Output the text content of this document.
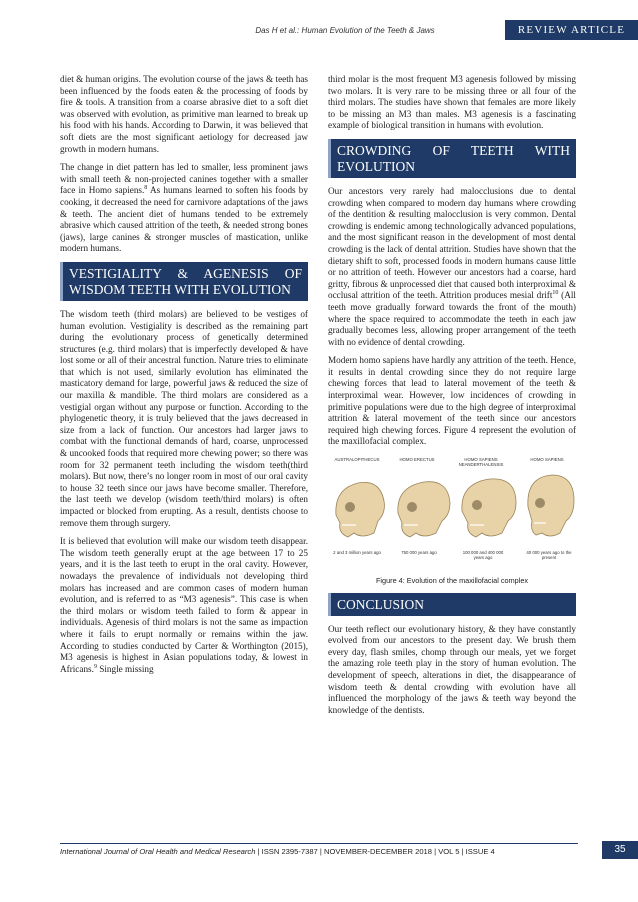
Das H et al.: Human Evolution of the Teeth & Jaws	REVIEW ARTICLE

diet & human origins. The evolution course of the jaws & teeth has been influenced by the foods eaten & the processing of foods by fire & tools. A transition from a coarse abrasive diet to a soft diet was observed with evolution, as primitive man learned to break up his food with his hands. According to Darwin, it was believed that soft diets are the most significant aetiology for decreased jaw growth in modern humans.

The change in diet pattern has led to smaller, less prominent jaws with small teeth & non-projected canines together with a smaller face in Homo sapiens.$^8$ As humans learned to soften his foods by cooking, it decreased the need for carnivore adaptations of the jaws & teeth. The ancient diet of humans tended to be extremely abrasive which caused attrition of the teeth, & needed strong bones (jaws), large canines & stronger muscles of mastication, unlike modern humans.

VESTIGIALITY & AGENESIS OF WISDOM TEETH WITH EVOLUTION

The wisdom teeth (third molars) are believed to be vestiges of human evolution. Vestigiality is described as the remaining part during the evolutionary process of genetically determined structures (e.g. third molars) that is imperfectly developed & have lost some or all of their ancestral function. Nature tries to eliminate that which is not used, similarly evolution has eliminated the masticatory demand for large, powerful jaws & reduced the size of our maxilla & mandible. The third molars are considered as a vestigial organ without any purpose or function. According to the phylogenetic theory, it is truly believed that the jaws decreased in size from a lack of function. Our ancestors had larger jaws to combat with the functional demands of hard, coarse, unprocessed & uncooked foods that required more chewing power; so there was room for 32 permanent teeth including the wisdom teeth(third molars). But now, there’s no longer room in most of our oral cavity to house 32 teeth since our jaws have become smaller. Therefore, the last teeth we develop (wisdom teeth/third molars) is often impacted or blocked from erupting. As a result, dentists choose to remove them through surgery.

It is believed that evolution will make our wisdom teeth disappear. The wisdom teeth generally erupt at the age between 17 to 25 years, and it is the last teeth to erupt in the oral cavity. However, nowadays the prevalence of individuals not developing third molars has increased and are common cases of modern human evolution, and is referred to as “M3 agenesis”. This case is when the third molars or wisdom teeth failed to form & appear in individuals. Agenesis of third molars is not the same as impaction where it fails to erupt normally or remains within the jaw. According to studies conducted by Carter & Worthington (2015), M3 agenesis is highest in Asian populations today, & lowest in Africans.$^9$ Single missing

third molar is the most frequent M3 agenesis followed by missing two molars. It is very rare to be missing three or all four of the third molars. The studies have shown that females are more likely to be missing an M3 than males. M3 agenesis is a fascinating example of biological transition in humans with evolution.

CROWDING OF TEETH WITH EVOLUTION

Our ancestors very rarely had malocclusions due to dental crowding when compared to modern day humans where crowding of the dentition & resulting malocclusion is very common. Dental crowding is endemic among technologically advanced populations, and the most significant reason in the development of most dental crowding is the lack of dental attrition. Studies have shown that the dietary shift to soft, processed foods in modern humans cause little or no attrition of teeth. However our ancestors had a coarse, hard gritty, fibrous & unprocessed diet that caused both interproximal & occlusal attrition of the teeth. Attrition produces mesial drift$^{10}$ (All teeth move gradually forward towards the front of the mouth) where the space required to accommodate the teeth in each jaw gradually becomes less, allowing proper arrangement of the teeth with no evidence of dental crowding.

Modern homo sapiens have hardly any attrition of the teeth. Hence, it results in dental crowding since they do not require large chewing forces that lead to lateral movement of the teeth & interproximal wear. However, low incidences of crowding in primitive populations were due to the high degree of interproximal attrition & lateral movement of the teeth since our ancestors required high chewing forces. Figure 4 represent the evolution of the maxillofacial complex.

AUSTRALOPITHECUS	HOMO ERECTUS	HOMO SAPIENS NEANDERTHALENSIS
HOMO SAPIENS
2 and 3 million years ago	750 000 years ago	100 000 and 400 000 years ago
40 000 years ago to the present
Figure 4: Evolution of the maxillofacial complex
CONCLUSION

Our teeth reflect our evolutionary history, & they have constantly evolved from our ancestors to the present day. We brush them every day, flash smiles, chomp through our meals, yet we forget the amazing role teeth play in the story of human evolution. The development of speech, alterations in diet, the disappearance of wisdom teeth & dental crowding with evolution have all influenced the morphology of the jaws & teeth way beyond the knowledge of the dentists.

International Journal of Oral Health and Medical Research | ISSN 2395-7387 | NOVEMBER-DECEMBER 2018 | VOL 5 | ISSUE 4	35
